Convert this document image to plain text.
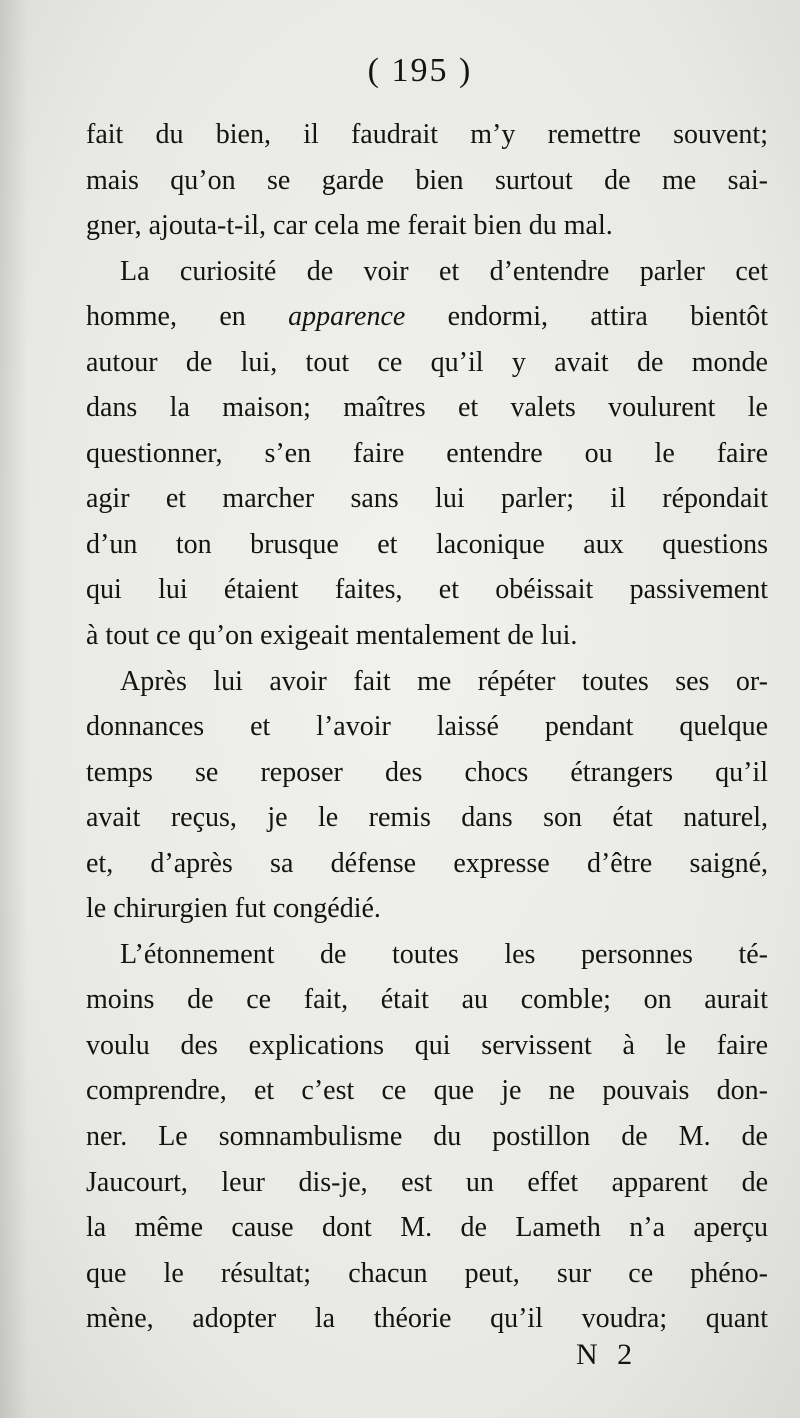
( 195 )
fait du bien, il faudrait m’y remettre souvent;
mais qu’on se garde bien surtout de me sai-
gner, ajouta-t-il, car cela me ferait bien du mal.
La curiosité de voir et d’entendre parler cet
homme, en apparence endormi, attira bientôt
autour de lui, tout ce qu’il y avait de monde
dans la maison; maîtres et valets voulurent le
questionner, s’en faire entendre ou le faire
agir et marcher sans lui parler; il répondait
d’un ton brusque et laconique aux questions
qui lui étaient faites, et obéissait passivement
à tout ce qu’on exigeait mentalement de lui.
Après lui avoir fait me répéter toutes ses or-
donnances et l’avoir laissé pendant quelque
temps se reposer des chocs étrangers qu’il
avait reçus, je le remis dans son état naturel,
et, d’après sa défense expresse d’être saigné,
le chirurgien fut congédié.
L’étonnement de toutes les personnes té-
moins de ce fait, était au comble; on aurait
voulu des explications qui servissent à le faire
comprendre, et c’est ce que je ne pouvais don-
ner. Le somnambulisme du postillon de M. de
Jaucourt, leur dis-je, est un effet apparent de
la même cause dont M. de Lameth n’a aperçu
que le résultat; chacun peut, sur ce phéno-
mène, adopter la théorie qu’il voudra; quant
N 2
